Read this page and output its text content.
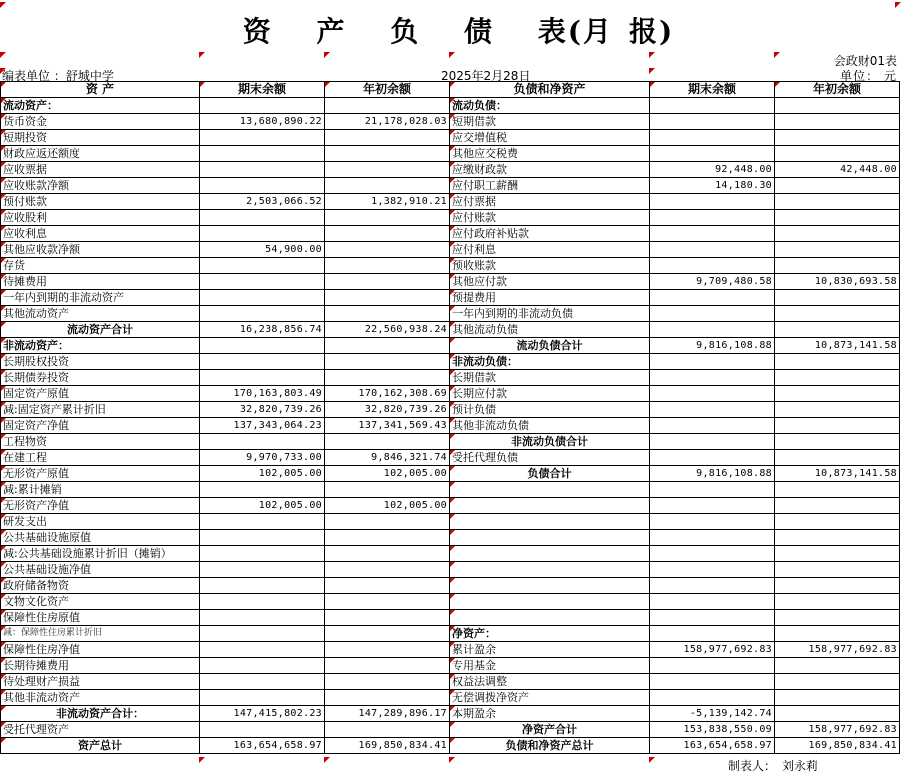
资 产 负 债 表(月 报)
会政财01表
编表单位 ：舒城中学	2025年2月28日	单位： 元
资 产	期末余额	年初余额	负债和净资产	期末余额	年初余额
流动资产：			流动负债：		
货币资金	13,680,890.22	21,178,028.03	短期借款		
短期投资			应交增值税		
财政应返还额度			其他应交税费		
应收票据			应缴财政款	92,448.00	42,448.00
应收账款净额			应付职工薪酬	14,180.30	
预付账款	2,503,066.52	1,382,910.21	应付票据		
应收股利			应付账款		
应收利息			应付政府补贴款		
其他应收款净额	54,900.00		应付利息		
存货			预收账款		
待摊费用			其他应付款	9,709,480.58	10,830,693.58
一年内到期的非流动资产			预提费用		
其他流动资产			一年内到期的非流动负债		
流动资产合计	16,238,856.74	22,560,938.24	其他流动负债		
非流动资产：			流动负债合计	9,816,108.88	10,873,141.58
长期股权投资			非流动负债：		
长期债券投资			长期借款		
固定资产原值	170,163,803.49	170,162,308.69	长期应付款		
减:固定资产累计折旧	32,820,739.26	32,820,739.26	预计负债		
固定资产净值	137,343,064.23	137,341,569.43	其他非流动负债		
工程物资			非流动负债合计		
在建工程	9,970,733.00	9,846,321.74	受托代理负债		
无形资产原值	102,005.00	102,005.00	负债合计	9,816,108.88	10,873,141.58
减:累计摊销					
无形资产净值	102,005.00	102,005.00			
研发支出					
公共基础设施原值					
减:公共基础设施累计折旧（摊销）					
公共基础设施净值					
政府储备物资					
文物文化资产					
保障性住房原值					
减：保障性住房累计折旧			净资产：		
保障性住房净值			累计盈余	158,977,692.83	158,977,692.83
长期待摊费用			专用基金		
待处理财产损益			权益法调整		
其他非流动资产			无偿调拨净资产		
非流动资产合计：	147,415,802.23	147,289,896.17	本期盈余	-5,139,142.74	
受托代理资产			净资产合计	153,838,550.09	158,977,692.83
资产总计	163,654,658.97	169,850,834.41	负债和净资产总计	163,654,658.97	169,850,834.41
制表人： 刘永莉
